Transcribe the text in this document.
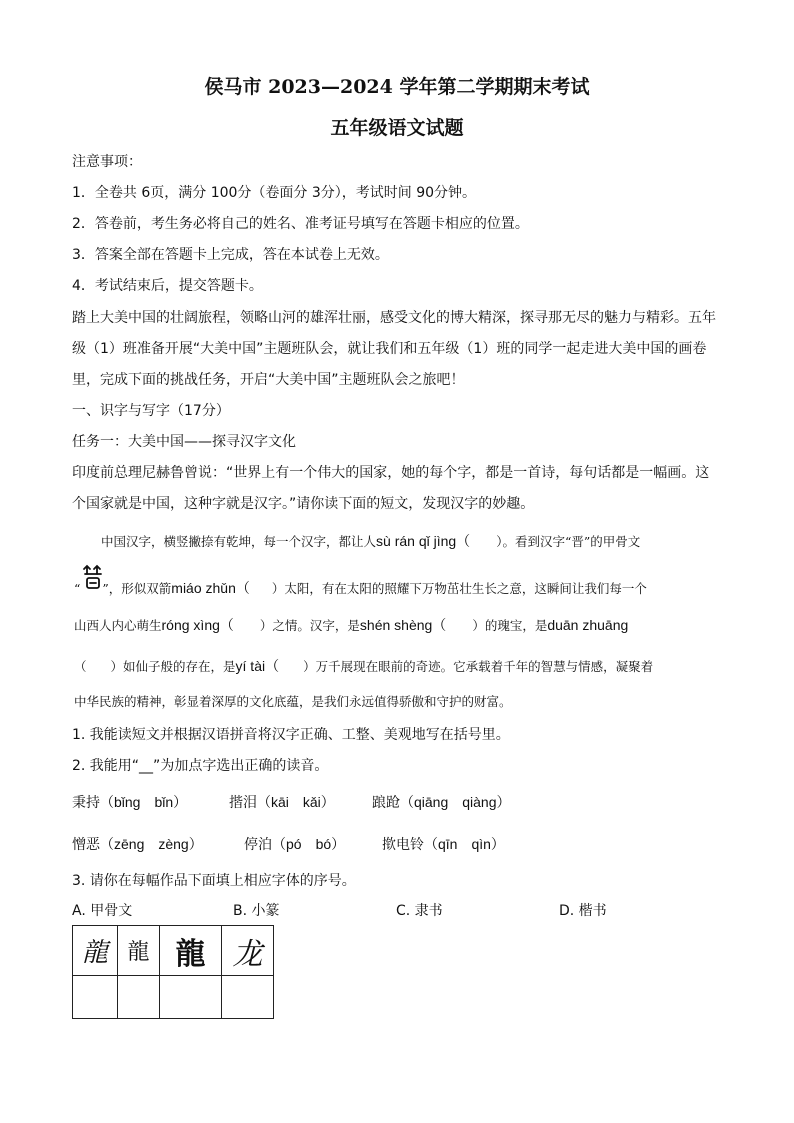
侯马市 2023—2024 学年第二学期期末考试
五年级语文试题
注意事项：
1．全卷共 6页，满分 100分（卷面分 3分），考试时间 90分钟。
2．答卷前，考生务必将自己的姓名、准考证号填写在答题卡相应的位置。
3．答案全部在答题卡上完成，答在本试卷上无效。
4．考试结束后，提交答题卡。
踏上大美中国的壮阔旅程，领略山河的雄浑壮丽，感受文化的博大精深，探寻那无尽的魅力与精彩。五年
级（1）班准备开展“大美中国”主题班队会，就让我们和五年级（1）班的同学一起走进大美中国的画卷
里，完成下面的挑战任务，开启“大美中国”主题班队会之旅吧！
一、识字与写字（17分）
任务一：大美中国——探寻汉字文化
印度前总理尼赫鲁曾说：“世界上有一个伟大的国家，她的每个字，都是一首诗，每句话都是一幅画。这
个国家就是中国，这种字就是汉字。”请你读下面的短文，发现汉字的妙趣。
中国汉字，横竖撇捺有乾坤，每一个汉字，都让人sù rán qǐ jìng（ ）。看到汉字“晋”的甲骨文
“ ”，形似双箭miáo zhǔn（ ）太阳，有在太阳的照耀下万物茁壮生长之意，这瞬间让我们每一个
山西人内心萌生róng xìng（ ）之情。汉字，是shén shèng（ ）的瑰宝，是duān zhuāng
（ ）如仙子般的存在，是yí tài（ ）万千展现在眼前的奇迹。它承载着千年的智慧与情感，凝聚着
中华民族的精神，彰显着深厚的文化底蕴，是我们永远值得骄傲和守护的财富。
1. 我能读短文并根据汉语拼音将汉字正确、工整、美观地写在括号里。
2. 我能用“__”为加点字选出正确的读音。
秉持（bǐng　bǐn）	揩泪（kāi　kǎi）	踉跄（qiāng　qiàng）
憎恶（zēng　zèng）	停泊（pó　bó）	揿电铃（qīn　qìn）
3. 请你在每幅作品下面填上相应字体的序号。
A. 甲骨文	B. 小篆	C. 隶书	D. 楷书
龍	龍	龍	龙
